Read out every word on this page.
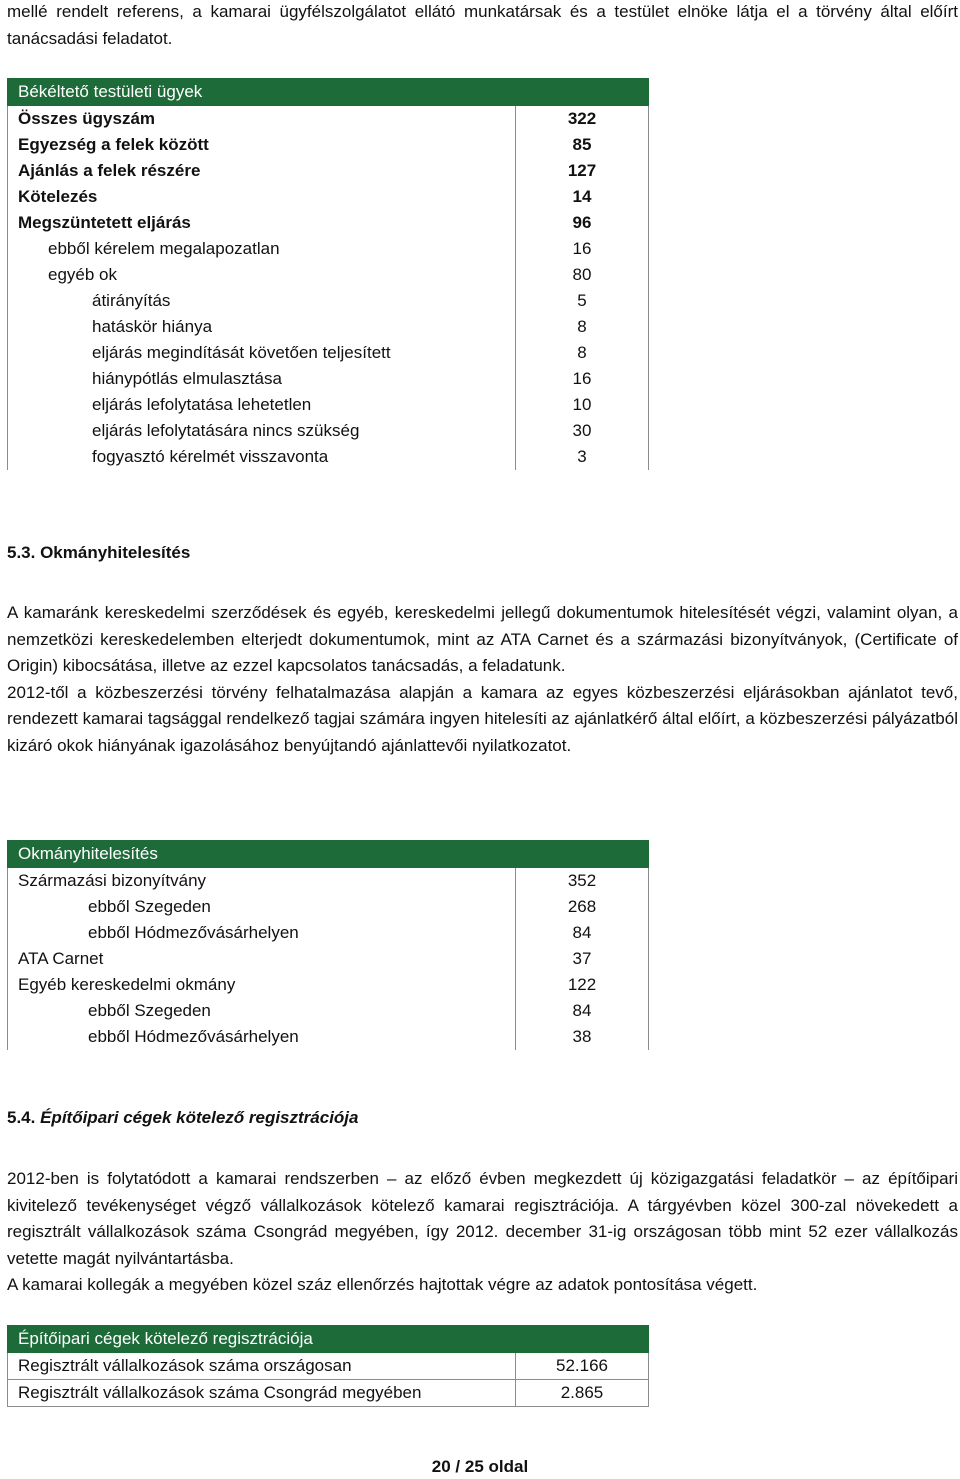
mellé rendelt referens, a kamarai ügyfélszolgálatot ellátó munkatársak és a testület elnöke látja el a törvény által előírt tanácsadási feladatot.

Békéltető testületi ügyek	
Összes ügyszám	322
Egyezség a felek között	85
Ajánlás a felek részére	127
Kötelezés	14
Megszüntetett eljárás	96
ebből kérelem megalapozatlan	16
egyéb ok	80
átirányítás	5
hatáskör hiánya	8
eljárás megindítását követően teljesített	8
hiánypótlás elmulasztása	16
eljárás lefolytatása lehetetlen	10
eljárás lefolytatására nincs szükség	30
fogyasztó kérelmét visszavonta	3
5.3. Okmányhitelesítés

A kamaránk kereskedelmi szerződések és egyéb, kereskedelmi jellegű dokumentumok hitelesítését végzi, valamint olyan, a nemzetközi kereskedelemben elterjedt dokumentumok, mint az ATA Carnet és a származási bizonyítványok, (Certificate of Origin) kibocsátása, illetve az ezzel kapcsolatos tanácsadás, a feladatunk.

2012-től a közbeszerzési törvény felhatalmazása alapján a kamara az egyes közbeszerzési eljárásokban ajánlatot tevő, rendezett kamarai tagsággal rendelkező tagjai számára ingyen hitelesíti az ajánlatkérő által előírt, a közbeszerzési pályázatból kizáró okok hiányának igazolásához benyújtandó ajánlattevői nyilatkozatot.

Okmányhitelesítés	
Származási bizonyítvány	352
ebből Szegeden	268
ebből Hódmezővásárhelyen	84
ATA Carnet	37
Egyéb kereskedelmi okmány	122
ebből Szegeden	84
ebből Hódmezővásárhelyen	38
5.4. Építőipari cégek kötelező regisztrációja

2012-ben is folytatódott a kamarai rendszerben – az előző évben megkezdett új közigazgatási feladatkör – az építőipari kivitelező tevékenységet végző vállalkozások kötelező kamarai regisztrációja. A tárgyévben közel 300-zal növekedett a regisztrált vállalkozások száma Csongrád megyében, így 2012. december 31-ig országosan több mint 52 ezer vállalkozás vetette magát nyilvántartásba.

A kamarai kollegák a megyében közel száz ellenőrzés hajtottak végre az adatok pontosítása végett.

Építőipari cégek kötelező regisztrációja	
Regisztrált vállalkozások száma országosan	52.166
Regisztrált vállalkozások száma Csongrád megyében	2.865
20 / 25 oldal
